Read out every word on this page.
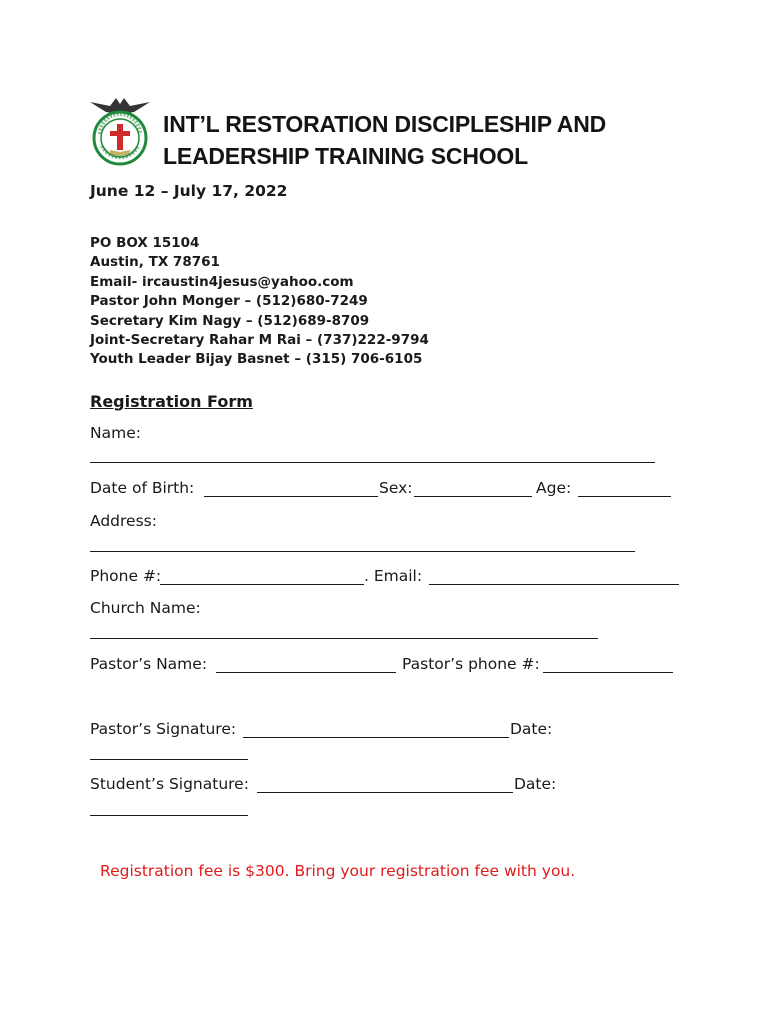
INT’L RESTORATION DISCIPLESHIP AND
LEADERSHIP TRAINING SCHOOL
June 12 – July 17, 2022
PO BOX 15104
Austin, TX 78761
Email- ircaustin4jesus@yahoo.com
Pastor John Monger – (512)680-7249
Secretary Kim Nagy – (512)689-8709
Joint-Secretary Rahar M Rai – (737)222-9794
Youth Leader Bijay Basnet – (315) 706-6105
Registration Form
Name:
Date of Birth:	Sex:	Age:
Address:
Phone #:	. Email:
Church Name:
Pastor’s Name:	Pastor’s phone #:
Pastor’s Signature:	Date:
Student’s Signature:	Date:
Registration fee is $300. Bring your registration fee with you.
